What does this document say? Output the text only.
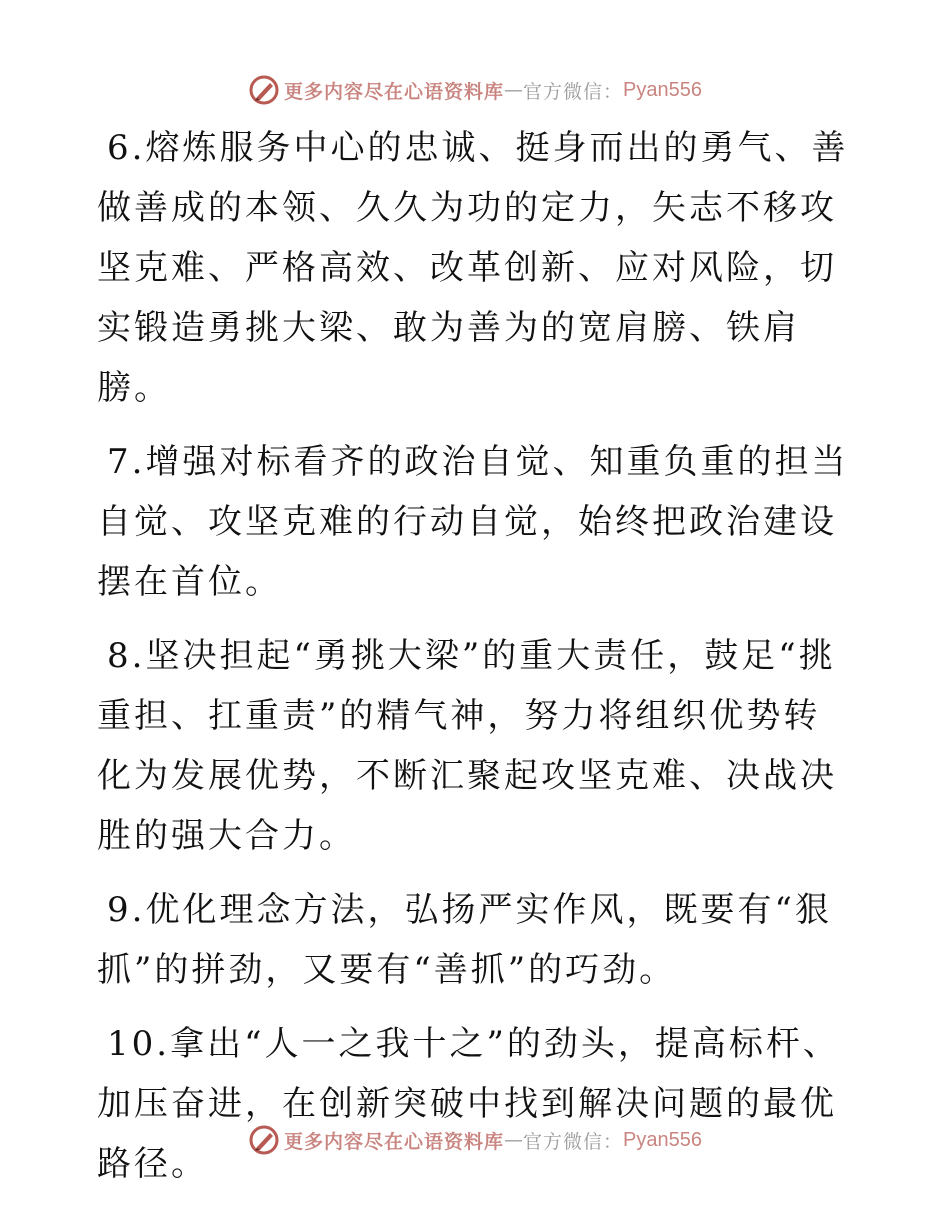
更多内容尽在心语资料库 — 官方微信： Pyan556

6.熔炼服务中心的忠诚、挺身而出的勇气、善做善成的本领、久久为功的定力，矢志不移攻坚克难、严格高效、改革创新、应对风险，切实锻造勇挑大梁、敢为善为的宽肩膀、铁肩膀。

7.增强对标看齐的政治自觉、知重负重的担当自觉、攻坚克难的行动自觉，始终把政治建设摆在首位。

8.坚决担起“勇挑大梁”的重大责任，鼓足“挑重担、扛重责”的精气神，努力将组织优势转化为发展优势，不断汇聚起攻坚克难、决战决胜的强大合力。

9.优化理念方法，弘扬严实作风，既要有“狠抓”的拼劲，又要有“善抓”的巧劲。

10.拿出“人一之我十之”的劲头，提高标杆、加压奋进，在创新突破中找到解决问题的最优路径。

更多内容尽在心语资料库 — 官方微信： Pyan556
